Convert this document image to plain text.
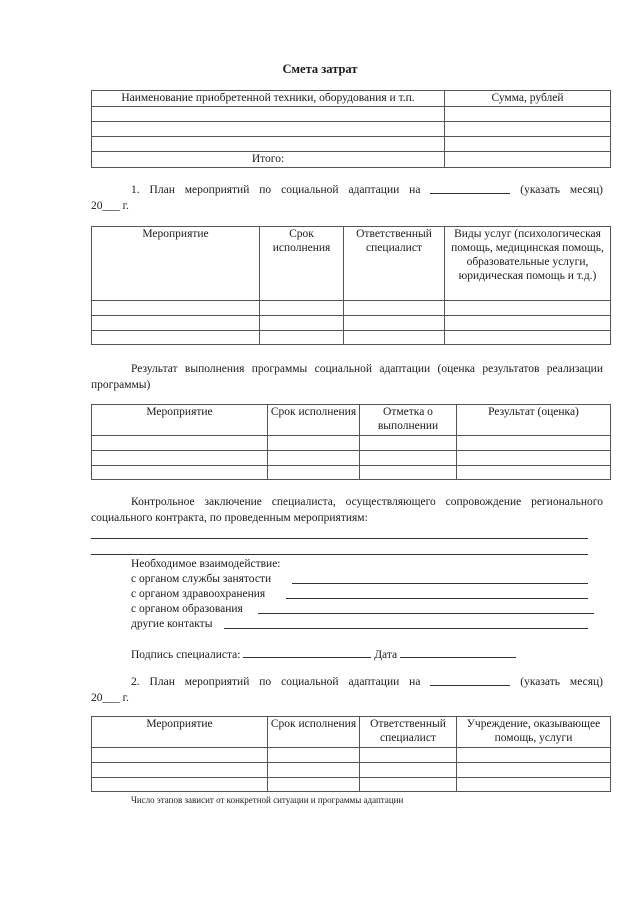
Смета затрат
Наименование приобретенной техники, оборудования и т.п.	Сумма, рублей

Итого:	
1. План мероприятий по социальной адаптации на	(указать месяц)
20___ г.
Мероприятие	Срок исполнения	Ответственный специалист	Виды услуг (психологическая помощь, медицинская помощь, образовательные услуги, юридическая помощь и т.д.)

Результат выполнения программы социальной адаптации (оценка результатов реализации программы)
Мероприятие	Срок исполнения	Отметка о выполнении	Результат (оценка)

Контрольное заключение специалиста, осуществляющего сопровождение регионального социального контракта, по проведенным мероприятиям:
Необходимое взаимодействие:
с органом службы занятости
с органом здравоохранения
с органом образования
другие контакты
Подпись специалиста:	Дата
2. План мероприятий по социальной адаптации на	(указать месяц)
20___ г.
Мероприятие	Срок исполнения	Ответственный специалист	Учреждение, оказывающее помощь, услуги

Число этапов зависит от конкретной ситуации и программы адаптации
